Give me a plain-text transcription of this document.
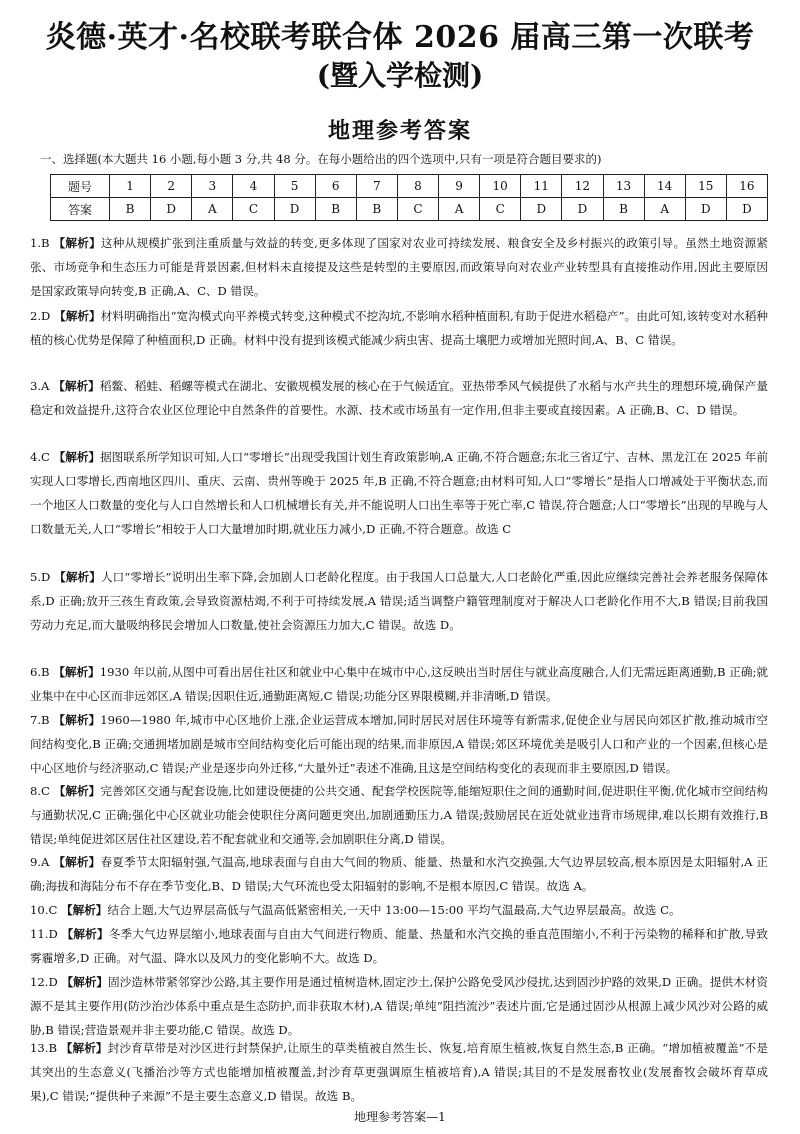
炎德·英才·名校联考联合体 2026 届高三第一次联考
(暨入学检测)
地理参考答案
一、选择题(本大题共 16 小题,每小题 3 分,共 48 分。在每小题给出的四个选项中,只有一项是符合题目要求的)
题号	1	2	3	4	5	6	7	8	9	10	11	12	13	14	15	16
答案	B	D	A	C	D	B	B	C	A	C	D	D	B	A	D	D
1.B 【解析】这种从规模扩张到注重质量与效益的转变,更多体现了国家对农业可持续发展、粮食安全及乡村振兴的政策引导。虽然土地资源紧张、市场竞争和生态压力可能是背景因素,但材料未直接提及这些是转型的主要原因,而政策导向对农业产业转型具有直接推动作用,因此主要原因是国家政策导向转变,B 正确,A、C、D 错误。
2.D 【解析】材料明确指出“宽沟模式向平养模式转变,这种模式不挖沟坑,不影响水稻种植面积,有助于促进水稻稳产”。由此可知,该转变对水稻种植的核心优势是保障了种植面积,D 正确。材料中没有提到该模式能减少病虫害、提高土壤肥力或增加光照时间,A、B、C 错误。
3.A 【解析】稻鳖、稻蛙、稻螺等模式在湖北、安徽规模发展的核心在于气候适宜。亚热带季风气候提供了水稻与水产共生的理想环境,确保产量稳定和效益提升,这符合农业区位理论中自然条件的首要性。水源、技术或市场虽有一定作用,但非主要或直接因素。A 正确,B、C、D 错误。
4.C 【解析】据图联系所学知识可知,人口“零增长”出现受我国计划生育政策影响,A 正确,不符合题意;东北三省辽宁、吉林、黑龙江在 2025 年前实现人口零增长,西南地区四川、重庆、云南、贵州等晚于 2025 年,B 正确,不符合题意;由材料可知,人口“零增长”是指人口增减处于平衡状态,而一个地区人口数量的变化与人口自然增长和人口机械增长有关,并不能说明人口出生率等于死亡率,C 错误,符合题意;人口“零增长”出现的早晚与人口数量无关,人口“零增长”相较于人口大量增加时期,就业压力减小,D 正确,不符合题意。故选 C
5.D 【解析】人口“零增长”说明出生率下降,会加剧人口老龄化程度。由于我国人口总量大,人口老龄化严重,因此应继续完善社会养老服务保障体系,D 正确;放开三孩生育政策,会导致资源枯竭,不利于可持续发展,A 错误;适当调整户籍管理制度对于解决人口老龄化作用不大,B 错误;目前我国劳动力充足,而大量吸纳移民会增加人口数量,使社会资源压力加大,C 错误。故选 D。
6.B 【解析】1930 年以前,从图中可看出居住社区和就业中心集中在城市中心,这反映出当时居住与就业高度融合,人们无需远距离通勤,B 正确;就业集中在中心区而非远郊区,A 错误;因职住近,通勤距离短,C 错误;功能分区界限模糊,并非清晰,D 错误。
7.B 【解析】1960—1980 年,城市中心区地价上涨,企业运营成本增加,同时居民对居住环境等有新需求,促使企业与居民向郊区扩散,推动城市空间结构变化,B 正确;交通拥堵加剧是城市空间结构变化后可能出现的结果,而非原因,A 错误;郊区环境优美是吸引人口和产业的一个因素,但核心是中心区地价与经济驱动,C 错误;产业是逐步向外迁移,“大量外迁”表述不准确,且这是空间结构变化的表现而非主要原因,D 错误。
8.C 【解析】完善郊区交通与配套设施,比如建设便捷的公共交通、配套学校医院等,能缩短职住之间的通勤时间,促进职住平衡,优化城市空间结构与通勤状况,C 正确;强化中心区就业功能会使职住分离问题更突出,加剧通勤压力,A 错误;鼓励居民在近处就业违背市场规律,难以长期有效推行,B 错误;单纯促进郊区居住社区建设,若不配套就业和交通等,会加剧职住分离,D 错误。
9.A 【解析】春夏季节太阳辐射强,气温高,地球表面与自由大气间的物质、能量、热量和水汽交换强,大气边界层较高,根本原因是太阳辐射,A 正确;海拔和海陆分布不存在季节变化,B、D 错误;大气环流也受太阳辐射的影响,不是根本原因,C 错误。故选 A。
10.C 【解析】结合上题,大气边界层高低与气温高低紧密相关,一天中 13:00—15:00 平均气温最高,大气边界层最高。故选 C。
11.D 【解析】冬季大气边界层缩小,地球表面与自由大气间进行物质、能量、热量和水汽交换的垂直范围缩小,不利于污染物的稀释和扩散,导致雾霾增多,D 正确。对气温、降水以及风力的变化影响不大。故选 D。
12.D 【解析】固沙造林带紧邻穿沙公路,其主要作用是通过植树造林,固定沙土,保护公路免受风沙侵扰,达到固沙护路的效果,D 正确。提供木材资源不是其主要作用(防沙治沙体系中重点是生态防护,而非获取木材),A 错误;单纯“阻挡流沙”表述片面,它是通过固沙从根源上减少风沙对公路的威胁,B 错误;营造景观并非主要功能,C 错误。故选 D。
13.B 【解析】封沙育草带是对沙区进行封禁保护,让原生的草类植被自然生长、恢复,培育原生植被,恢复自然生态,B 正确。“增加植被覆盖”不是其突出的生态意义(飞播治沙等方式也能增加植被覆盖,封沙育草更强调原生植被培育),A 错误;其目的不是发展畜牧业(发展畜牧会破坏育草成果),C 错误;“提供种子来源”不是主要生态意义,D 错误。故选 B。
地理参考答案—1
